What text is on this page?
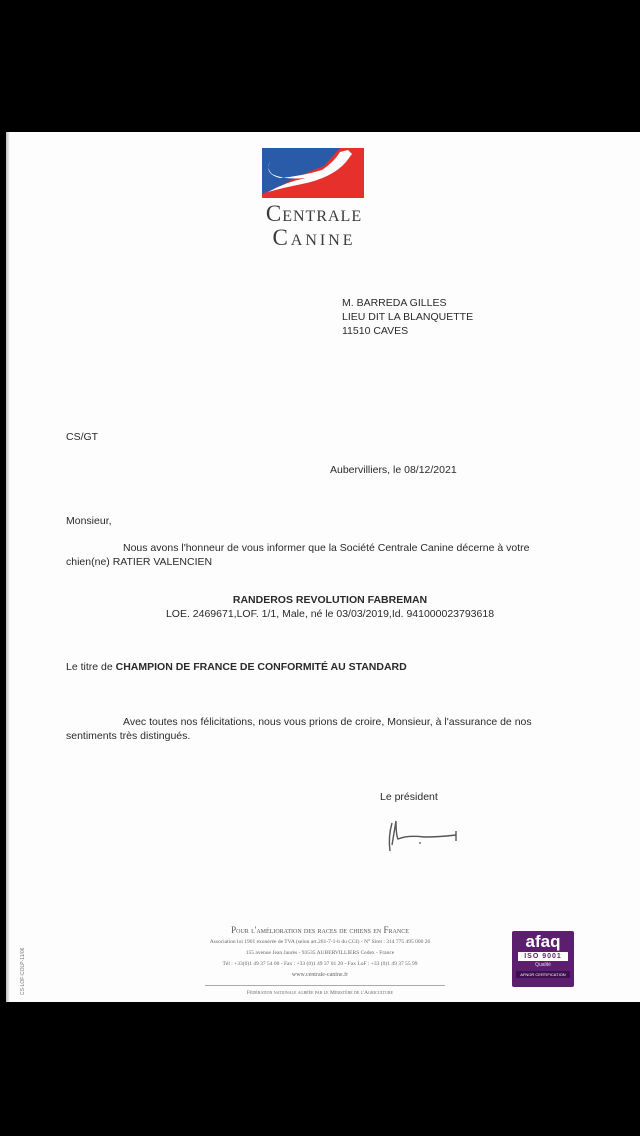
Centrale
Canine
M. BARREDA GILLES
LIEU DIT LA BLANQUETTE
11510 CAVES
CS/GT
Aubervilliers, le 08/12/2021
Monsieur,
Nous avons l'honneur de vous informer que la Société Centrale Canine décerne à votre
chien(ne) RATIER VALENCIEN
RANDEROS REVOLUTION FABREMAN
LOE. 2469671,LOF. 1/1, Male, né le 03/03/2019,Id. 941000023793618
Le titre de CHAMPION DE FRANCE DE CONFORMITÉ AU STANDARD
Avec toutes nos félicitations, nous vous prions de croire, Monsieur, à l'assurance de nos
sentiments très distingués.
Le président
Pour l'amélioration des races de chiens en France
Association loi 1901 exonérée de TVA (selon art.261-7-1-b du CGI) - N° Siret : 314 775 495 000 26
155 avenue Jean Jaurès - 93535 AUBERVILLIERS Cedex - France
Tél : +33(0)1 49 37 54 00 - Fax : +33 (0)1 49 37 01 20 - Fax LoF : +33 (0)1 49 37 55 99
www.centrale-canine.fr
Fédération nationale agréée par le Ministère de l'Agriculture
CS-LOF-COLP-11/06
afaq
ISO 9001
Qualité
AFNOR CERTIFICATION
